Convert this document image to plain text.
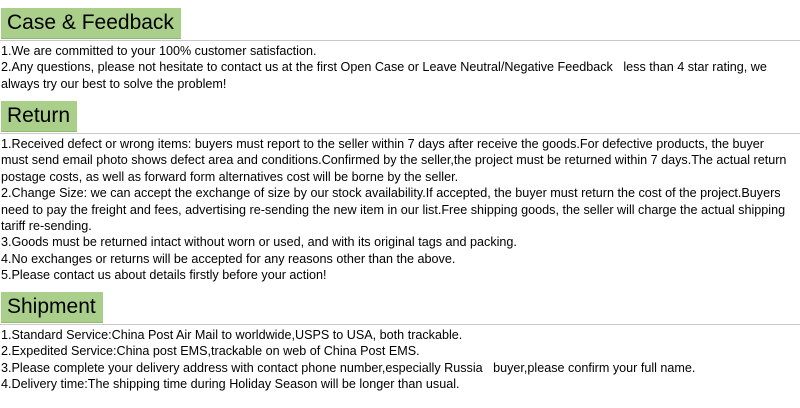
Case & Feedback
1.We are committed to your 100% customer satisfaction.
2.Any questions, please not hesitate to contact us at the first Open Case or Leave Neutral/Negative Feedback   less than 4 star rating, we always try our best to solve the problem!
Return
1.Received defect or wrong items: buyers must report to the seller within 7 days after receive the goods.For defective products, the buyer must send email photo shows defect area and conditions.Confirmed by the seller,the project must be returned within 7 days.The actual return postage costs, as well as forward form alternatives cost will be borne by the seller.
2.Change Size: we can accept the exchange of size by our stock availability.If accepted, the buyer must return the cost of the project.Buyers need to pay the freight and fees, advertising re-sending the new item in our list.Free shipping goods, the seller will charge the actual shipping tariff re-sending.
3.Goods must be returned intact without worn or used, and with its original tags and packing.
4.No exchanges or returns will be accepted for any reasons other than the above.
5.Please contact us about details firstly before your action!
Shipment
1.Standard Service:China Post Air Mail to worldwide,USPS to USA, both trackable.
2.Expedited Service:China post EMS,trackable on web of China Post EMS.
3.Please complete your delivery address with contact phone number,especially Russia   buyer,please confirm your full name.
4.Delivery time:The shipping time during Holiday Season will be longer than usual.
